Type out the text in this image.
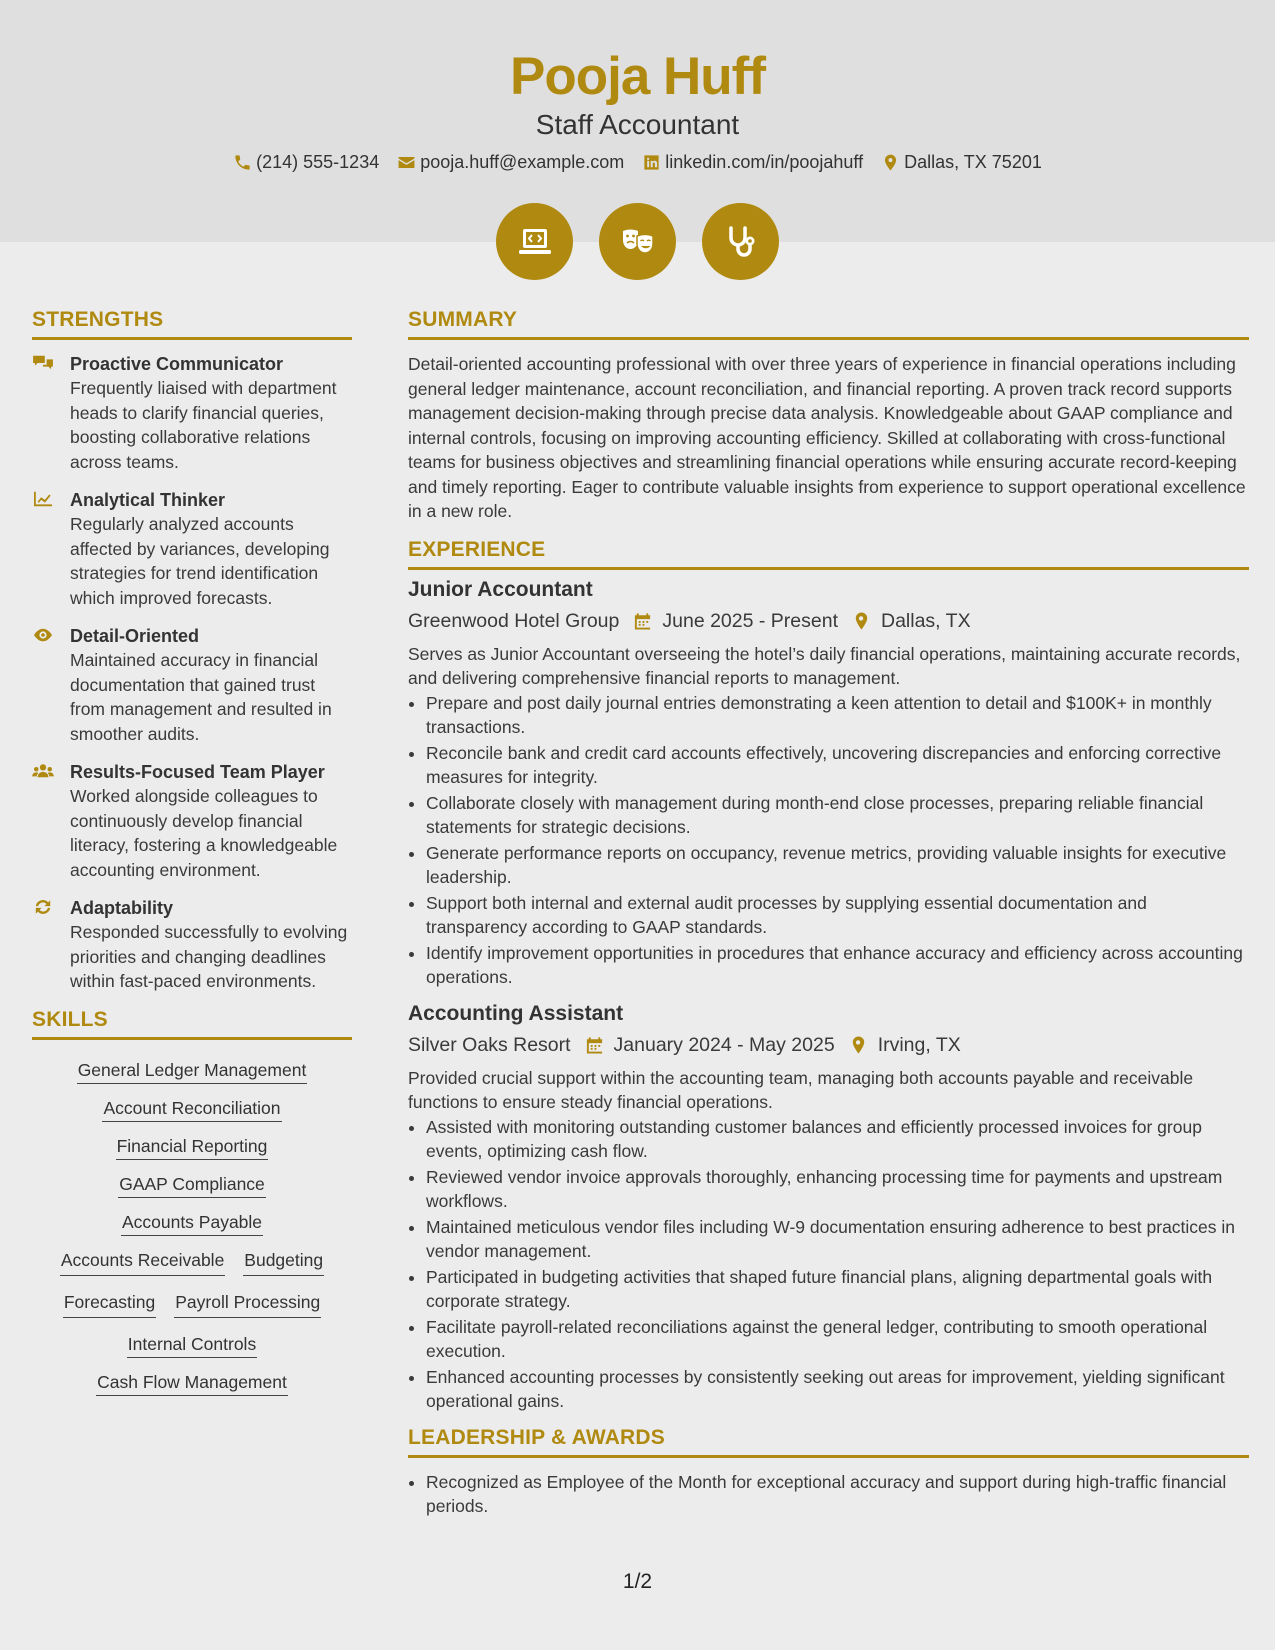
Pooja Huff
Staff Accountant
(214) 555-1234 pooja.huff@example.com linkedin.com/in/poojahuff Dallas, TX 75201
STRENGTHS
Proactive Communicator
Frequently liaised with department heads to clarify financial queries, boosting collaborative relations across teams.
Analytical Thinker
Regularly analyzed accounts affected by variances, developing strategies for trend identification which improved forecasts.
Detail-Oriented
Maintained accuracy in financial documentation that gained trust from management and resulted in smoother audits.
Results-Focused Team Player
Worked alongside colleagues to continuously develop financial literacy, fostering a knowledgeable accounting environment.
Adaptability
Responded successfully to evolving priorities and changing deadlines within fast-paced environments.
SKILLS
General Ledger Management
Account Reconciliation
Financial Reporting
GAAP Compliance
Accounts Payable
Accounts Receivable Budgeting
Forecasting Payroll Processing
Internal Controls
Cash Flow Management
SUMMARY
Detail-oriented accounting professional with over three years of experience in financial operations including general ledger maintenance, account reconciliation, and financial reporting. A proven track record supports management decision-making through precise data analysis. Knowledgeable about GAAP compliance and internal controls, focusing on improving accounting efficiency. Skilled at collaborating with cross-functional teams for business objectives and streamlining financial operations while ensuring accurate record-keeping and timely reporting. Eager to contribute valuable insights from experience to support operational excellence in a new role.
EXPERIENCE
Junior Accountant
Greenwood Hotel Group June 2025 - Present Dallas, TX
Serves as Junior Accountant overseeing the hotel’s daily financial operations, maintaining accurate records, and delivering comprehensive financial reports to management.
• Prepare and post daily journal entries demonstrating a keen attention to detail and $100K+ in monthly transactions.
• Reconcile bank and credit card accounts effectively, uncovering discrepancies and enforcing corrective measures for integrity.
• Collaborate closely with management during month-end close processes, preparing reliable financial statements for strategic decisions.
• Generate performance reports on occupancy, revenue metrics, providing valuable insights for executive leadership.
• Support both internal and external audit processes by supplying essential documentation and transparency according to GAAP standards.
• Identify improvement opportunities in procedures that enhance accuracy and efficiency across accounting operations.
Accounting Assistant
Silver Oaks Resort January 2024 - May 2025 Irving, TX
Provided crucial support within the accounting team, managing both accounts payable and receivable functions to ensure steady financial operations.
• Assisted with monitoring outstanding customer balances and efficiently processed invoices for group events, optimizing cash flow.
• Reviewed vendor invoice approvals thoroughly, enhancing processing time for payments and upstream workflows.
• Maintained meticulous vendor files including W-9 documentation ensuring adherence to best practices in vendor management.
• Participated in budgeting activities that shaped future financial plans, aligning departmental goals with corporate strategy.
• Facilitate payroll-related reconciliations against the general ledger, contributing to smooth operational execution.
• Enhanced accounting processes by consistently seeking out areas for improvement, yielding significant operational gains.
LEADERSHIP & AWARDS
• Recognized as Employee of the Month for exceptional accuracy and support during high-traffic financial periods.
1/2
